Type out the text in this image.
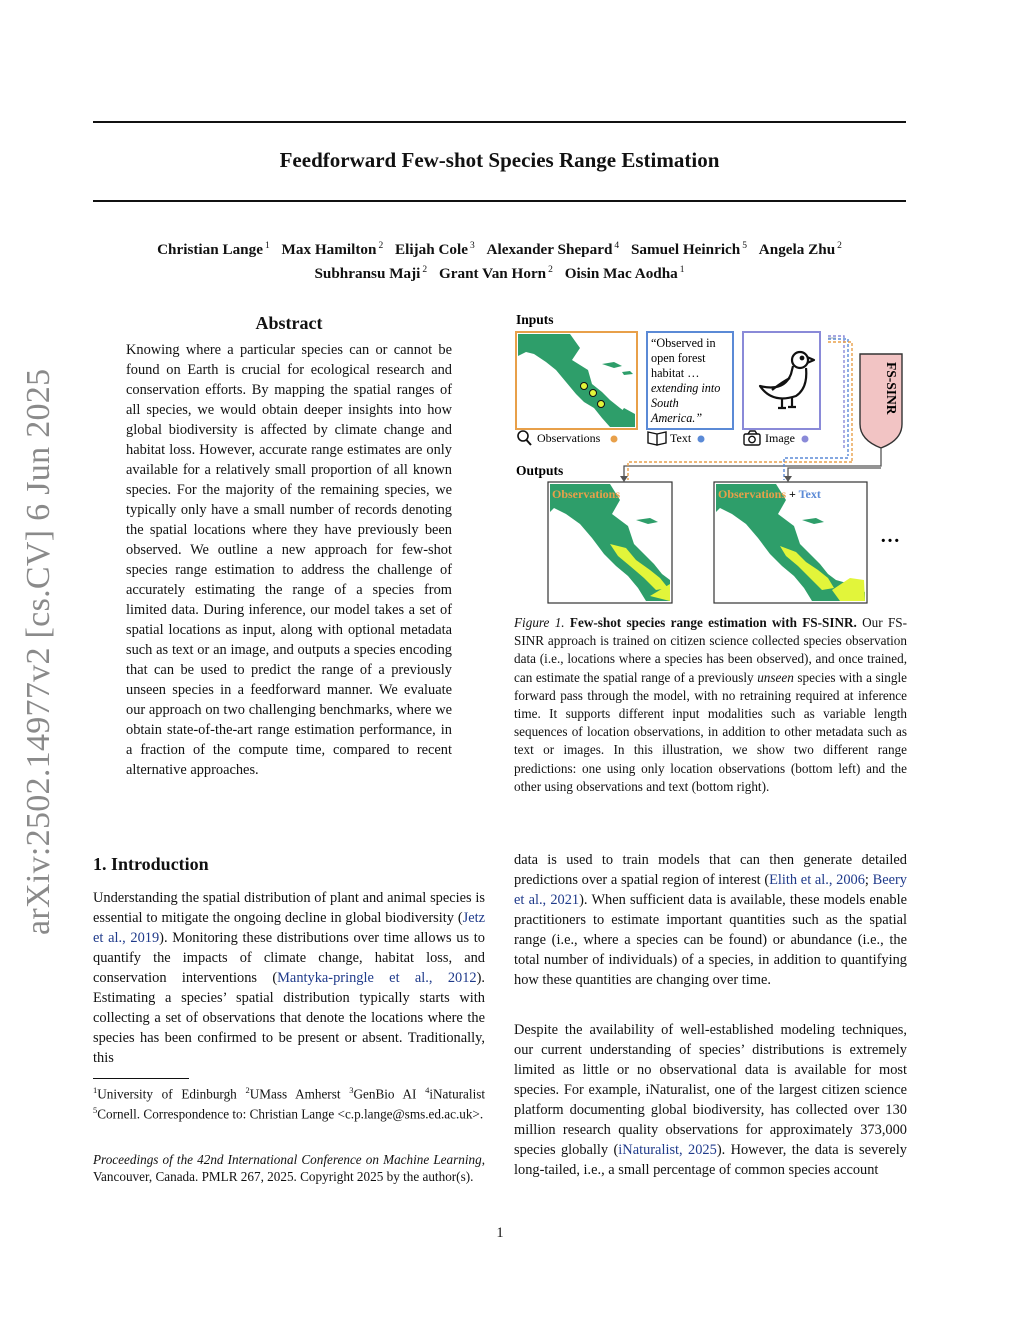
Feedforward Few-shot Species Range Estimation
Christian Lange $^1$ Max Hamilton $^2$ Elijah Cole $^3$ Alexander Shepard $^4$ Samuel Heinrich $^5$ Angela Zhu $^2$
Subhransu Maji $^2$ Grant Van Horn $^2$ Oisin Mac Aodha $^1$
arXiv:2502.14977v2 [cs.CV] 6 Jun 2025
Abstract
Knowing where a particular species can or cannot be found on Earth is crucial for ecological research and conservation efforts. By mapping the spatial ranges of all species, we would obtain deeper insights into how global biodiversity is affected by climate change and habitat loss. However, accurate range estimates are only available for a relatively small proportion of all known species. For the majority of the remaining species, we typically only have a small number of records denoting the spatial locations where they have previously been observed. We outline a new approach for few-shot species range estimation to address the challenge of accurately estimating the range of a species from limited data. During inference, our model takes a set of spatial locations as input, along with optional metadata such as text or an image, and outputs a species encoding that can be used to predict the range of a previously unseen species in a feedforward manner. We evaluate our approach on two challenging benchmarks, where we obtain state-of-the-art range estimation performance, in a fraction of the compute time, compared to recent alternative approaches.
1. Introduction
Understanding the spatial distribution of plant and animal species is essential to mitigate the ongoing decline in global biodiversity (Jetz et al., 2019). Monitoring these distributions over time allows us to quantify the impacts of climate change, habitat loss, and conservation interventions (Mantyka-pringle et al., 2012). Estimating a species’ spatial distribution typically starts with collecting a set of observations that denote the locations where the species has been confirmed to be present or absent. Traditionally, this
$^1$University of Edinburgh $^2$UMass Amherst $^3$GenBio AI $^4$iNaturalist $^5$Cornell. Correspondence to: Christian Lange <c.p.lange@sms.ed.ac.uk>.
Proceedings of the 42nd International Conference on Machine Learning, Vancouver, Canada. PMLR 267, 2025. Copyright 2025 by the author(s).
Inputs
Observations
“Observed in open forest habitat … extending into South America.”
Text	Image
FS-SINR
Outputs
Observations	Observations + Text
…
Figure 1. Few-shot species range estimation with FS-SINR. Our FS-SINR approach is trained on citizen science collected species observation data (i.e., locations where a species has been observed), and once trained, can estimate the spatial range of a previously unseen species with a single forward pass through the model, with no retraining required at inference time. It supports different input modalities such as variable length sequences of location observations, in addition to other metadata such as text or images. In this illustration, we show two different range predictions: one using only location observations (bottom left) and the other using observations and text (bottom right).
data is used to train models that can then generate detailed predictions over a spatial region of interest (Elith et al., 2006; Beery et al., 2021). When sufficient data is available, these models enable practitioners to estimate important quantities such as the spatial range (i.e., where a species can be found) or abundance (i.e., the total number of individuals) of a species, in addition to quantifying how these quantities are changing over time.
Despite the availability of well-established modeling techniques, our current understanding of species’ distributions is extremely limited as little or no observational data is available for most species. For example, iNaturalist, one of the largest citizen science platform documenting global biodiversity, has collected over 130 million research quality observations for approximately 373,000 species globally (iNaturalist, 2025). However, the data is severely long-tailed, i.e., a small percentage of common species account
1
